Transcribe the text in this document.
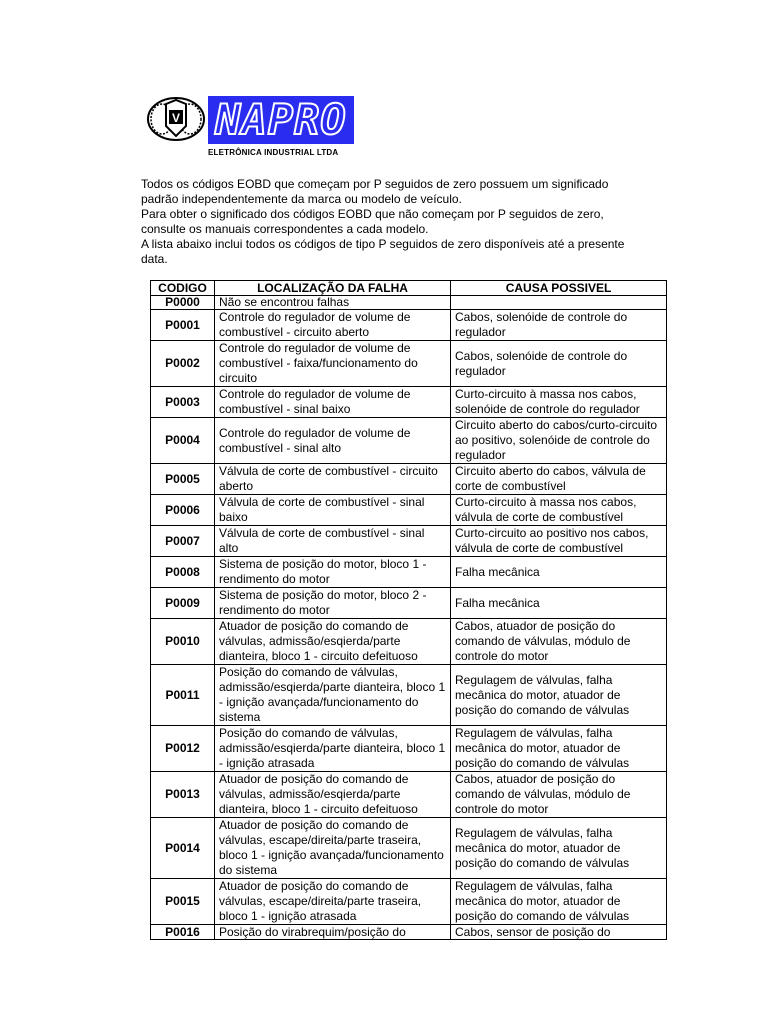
V NAPRO
ELETRÔNICA INDUSTRIAL LTDA

Todos os códigos EOBD que começam por P seguidos de zero possuem um significado padrão independentemente da marca ou modelo de veículo.

Para obter o significado dos códigos EOBD que não começam por P seguidos de zero, consulte os manuais correspondentes a cada modelo.

A lista abaixo inclui todos os códigos de tipo P seguidos de zero disponíveis até a presente data.

CODIGO	LOCALIZAÇÃO DA FALHA	CAUSA POSSIVEL
P0000	Não se encontrou falhas	
P0001	Controle do regulador de volume de combustível - circuito aberto	Cabos, solenóide de controle do regulador
P0002	Controle do regulador de volume de combustível - faixa/funcionamento do circuito	Cabos, solenóide de controle do regulador
P0003	Controle do regulador de volume de combustível - sinal baixo	Curto-circuito à massa nos cabos, solenóide de controle do regulador
P0004	Controle do regulador de volume de combustível - sinal alto	Circuito aberto do cabos/curto-circuito ao positivo, solenóide de controle do regulador
P0005	Válvula de corte de combustível - circuito aberto	Circuito aberto do cabos, válvula de corte de combustível
P0006	Válvula de corte de combustível - sinal baixo	Curto-circuito à massa nos cabos, válvula de corte de combustível
P0007	Válvula de corte de combustível - sinal alto	Curto-circuito ao positivo nos cabos, válvula de corte de combustível
P0008	Sistema de posição do motor, bloco 1 - rendimento do motor	Falha mecânica
P0009	Sistema de posição do motor, bloco 2 - rendimento do motor	Falha mecânica
P0010	Atuador de posição do comando de válvulas, admissão/esqierda/parte dianteira, bloco 1 - circuito defeituoso	Cabos, atuador de posição do comando de válvulas, módulo de controle do motor
P0011	Posição do comando de válvulas, admissão/esqierda/parte dianteira, bloco 1 - ignição avançada/funcionamento do sistema	Regulagem de válvulas, falha mecânica do motor, atuador de posição do comando de válvulas
P0012	Posição do comando de válvulas, admissão/esqierda/parte dianteira, bloco 1 - ignição atrasada	Regulagem de válvulas, falha mecânica do motor, atuador de posição do comando de válvulas
P0013	Atuador de posição do comando de válvulas, admissão/esqierda/parte dianteira, bloco 1 - circuito defeituoso	Cabos, atuador de posição do comando de válvulas, módulo de controle do motor
P0014	Atuador de posição do comando de válvulas, escape/direita/parte traseira, bloco 1 - ignição avançada/funcionamento do sistema	Regulagem de válvulas, falha mecânica do motor, atuador de posição do comando de válvulas
P0015	Atuador de posição do comando de válvulas, escape/direita/parte traseira, bloco 1 - ignição atrasada	Regulagem de válvulas, falha mecânica do motor, atuador de posição do comando de válvulas
P0016	Posição do virabrequim/posição do	Cabos, sensor de posição do
